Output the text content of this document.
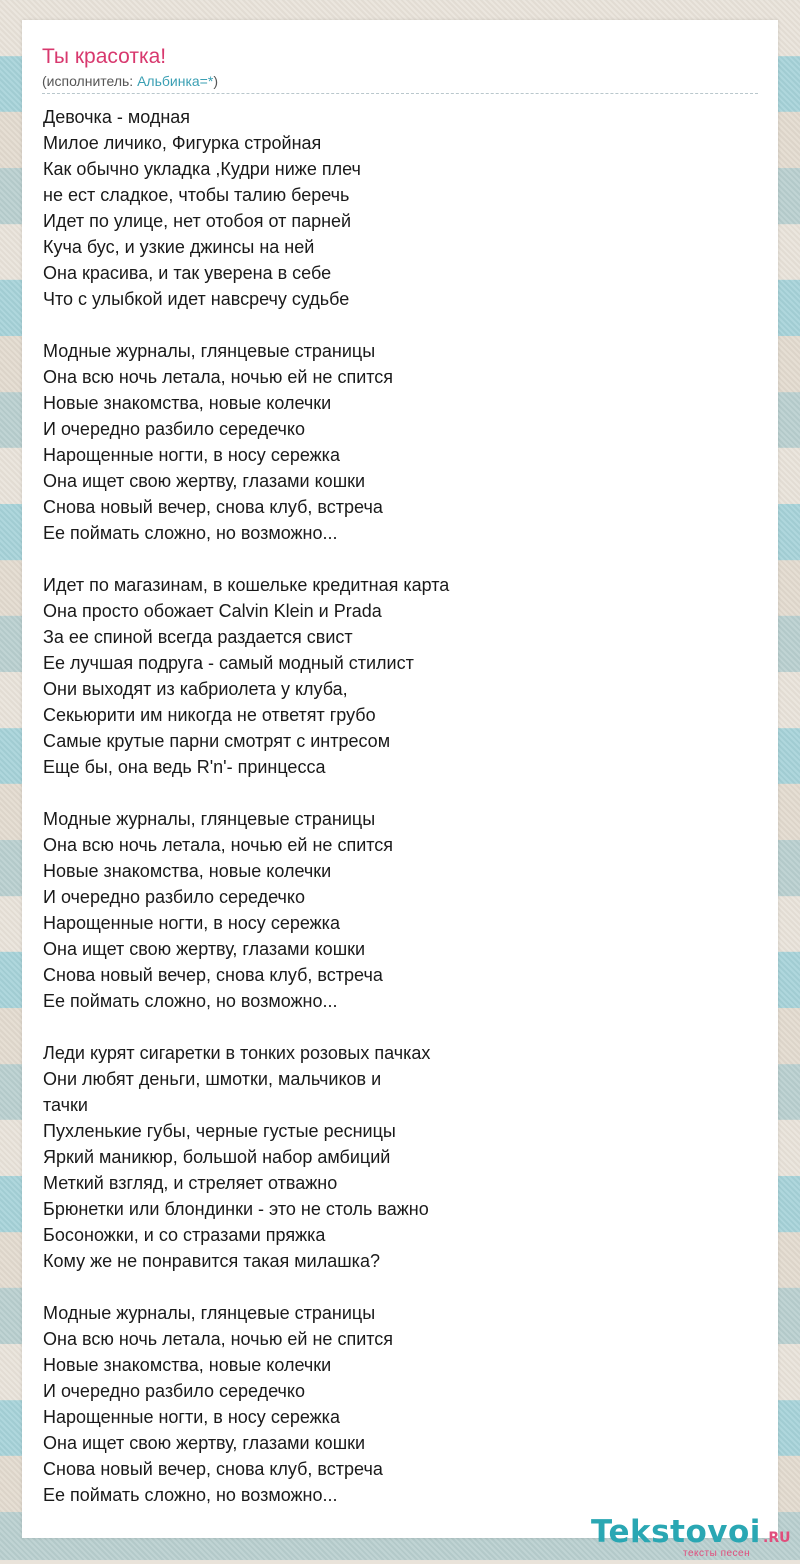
Ты красотка!
(исполнитель: Альбинка=*)
Девочка - модная
Милое личико, Фигурка стройная
Как обычно укладка ,Кудри ниже плеч
не ест сладкое, чтобы талию беречь
Идет по улице, нет отобоя от парней
Куча бус, и узкие джинсы на ней
Она красива, и так уверена в себе
Что с улыбкой идет навсречу судьбе
Модные журналы, глянцевые страницы
Она всю ночь летала, ночью ей не спится
Новые знакомства, новые колечки
И очередно разбило середечко
Нарощенные ногти, в носу сережка
Она ищет свою жертву, глазами кошки
Снова новый вечер, снова клуб, встреча
Ее поймать сложно, но возможно...
Идет по магазинам, в кошельке кредитная карта
Она просто обожает Calvin Klein и Prada
За ее спиной всегда раздается свист
Ее лучшая подруга - самый модный стилист
Они выходят из кабриолета у клуба,
Секьюрити им никогда не ответят грубо
Самые крутые парни смотрят с интресом
Еще бы, она ведь R'n'- принцесса
Модные журналы, глянцевые страницы
Она всю ночь летала, ночью ей не спится
Новые знакомства, новые колечки
И очередно разбило середечко
Нарощенные ногти, в носу сережка
Она ищет свою жертву, глазами кошки
Снова новый вечер, снова клуб, встреча
Ее поймать сложно, но возможно...
Леди курят сигаретки в тонких розовых пачках
Они любят деньги, шмотки, мальчиков и
тачки
Пухленькие губы, черные густые ресницы
Яркий маникюр, большой набор амбиций
Меткий взгляд, и стреляет отважно
Брюнетки или блондинки - это не столь важно
Босоножки, и со стразами пряжка
Кому же не понравится такая милашка?
Модные журналы, глянцевые страницы
Она всю ночь летала, ночью ей не спится
Новые знакомства, новые колечки
И очередно разбило середечко
Нарощенные ногти, в носу сережка
Она ищет свою жертву, глазами кошки
Снова новый вечер, снова клуб, встреча
Ее поймать сложно, но возможно...
Tekstovoi .RU
тексты песен
